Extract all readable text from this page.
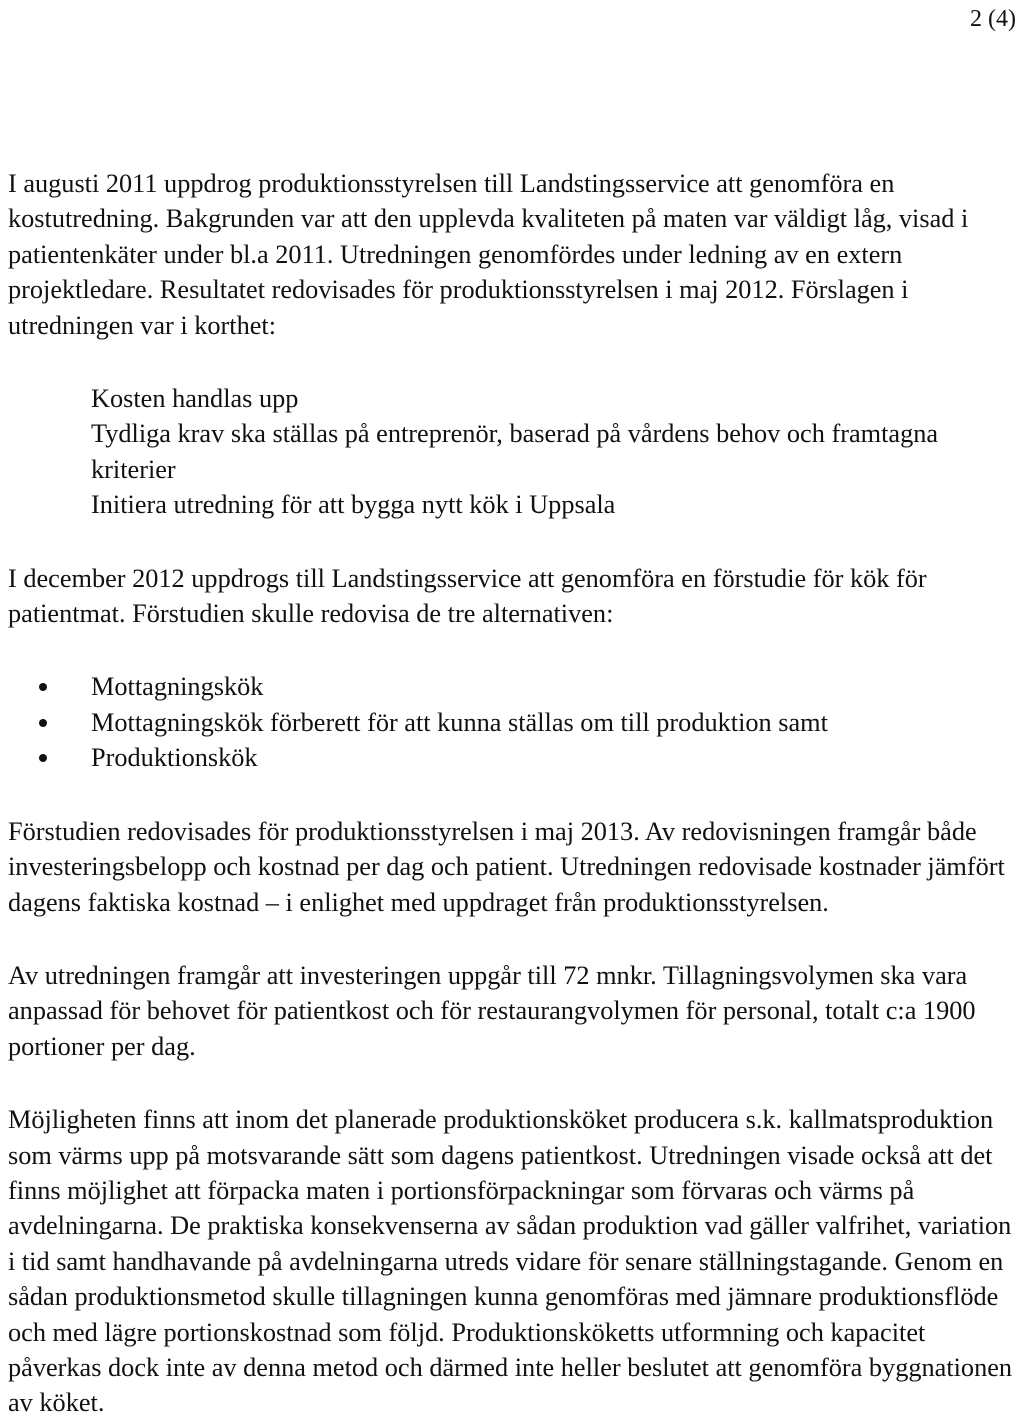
2 (4)

I augusti 2011 uppdrog produktionsstyrelsen till Landstingsservice att genomföra en kostutredning. Bakgrunden var att den upplevda kvaliteten på maten var väldigt låg, visad i patientenkäter under bl.a 2011. Utredningen genomfördes under ledning av en extern projektledare. Resultatet redovisades för produktionsstyrelsen i maj 2012. Förslagen i utredningen var i korthet:

Kosten handlas upp
Tydliga krav ska ställas på entreprenör, baserad på vårdens behov och framtagna kriterier
Initiera utredning för att bygga nytt kök i Uppsala

I december 2012 uppdrogs till Landstingsservice att genomföra en förstudie för kök för patientmat. Förstudien skulle redovisa de tre alternativen:

Mottagningskök
Mottagningskök förberett för att kunna ställas om till produktion samt
Produktionskök

Förstudien redovisades för produktionsstyrelsen i maj 2013. Av redovisningen framgår både investeringsbelopp och kostnad per dag och patient. Utredningen redovisade kostnader jämfört dagens faktiska kostnad – i enlighet med uppdraget från produktionsstyrelsen.

Av utredningen framgår att investeringen uppgår till 72 mnkr. Tillagningsvolymen ska vara anpassad för behovet för patientkost och för restaurangvolymen för personal, totalt c:a 1900 portioner per dag.

Möjligheten finns att inom det planerade produktionsköket producera s.k. kallmatsproduktion som värms upp på motsvarande sätt som dagens patientkost. Utredningen visade också att det finns möjlighet att förpacka maten i portionsförpackningar som förvaras och värms på avdelningarna. De praktiska konsekvenserna av sådan produktion vad gäller valfrihet, variation i tid samt handhavande på avdelningarna utreds vidare för senare ställningstagande. Genom en sådan produktionsmetod skulle tillagningen kunna genomföras med jämnare produktionsflöde och med lägre portionskostnad som följd. Produktionsköketts utformning och kapacitet påverkas dock inte av denna metod och därmed inte heller beslutet att genomföra byggnationen av köket.
